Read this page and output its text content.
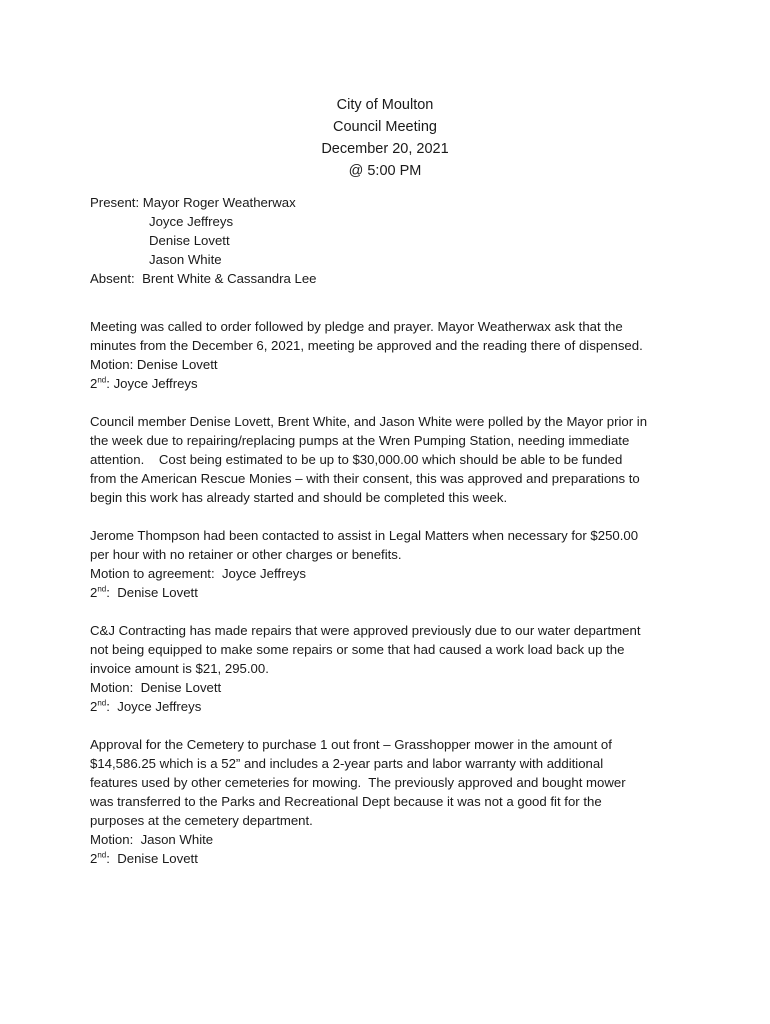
City of Moulton
Council Meeting
December 20, 2021
@ 5:00 PM
Present: Mayor Roger Weatherwax
Joyce Jeffreys
Denise Lovett
Jason White
Absent: Brent White & Cassandra Lee
Meeting was called to order followed by pledge and prayer. Mayor Weatherwax ask that the
minutes from the December 6, 2021, meeting be approved and the reading there of dispensed.
Motion: Denise Lovett
2nd: Joyce Jeffreys
Council member Denise Lovett, Brent White, and Jason White were polled by the Mayor prior in
the week due to repairing/replacing pumps at the Wren Pumping Station, needing immediate
attention.    Cost being estimated to be up to $30,000.00 which should be able to be funded
from the American Rescue Monies – with their consent, this was approved and preparations to
begin this work has already started and should be completed this week.
Jerome Thompson had been contacted to assist in Legal Matters when necessary for $250.00
per hour with no retainer or other charges or benefits.
Motion to agreement:  Joyce Jeffreys
2nd:  Denise Lovett
C&J Contracting has made repairs that were approved previously due to our water department
not being equipped to make some repairs or some that had caused a work load back up the
invoice amount is $21, 295.00.
Motion:  Denise Lovett
2nd:  Joyce Jeffreys
Approval for the Cemetery to purchase 1 out front – Grasshopper mower in the amount of
$14,586.25 which is a 52” and includes a 2-year parts and labor warranty with additional
features used by other cemeteries for mowing.  The previously approved and bought mower
was transferred to the Parks and Recreational Dept because it was not a good fit for the
purposes at the cemetery department.
Motion:  Jason White
2nd:  Denise Lovett
